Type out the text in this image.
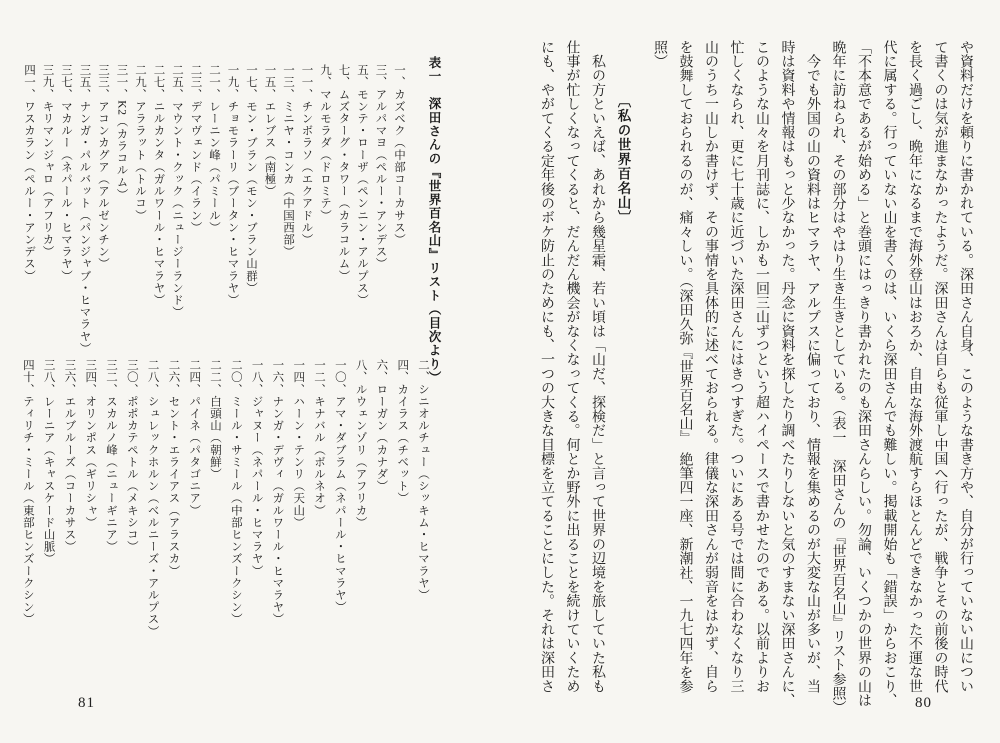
表一　深田さんの『世界百名山』リスト（目次より）
一、カズベク（中部コーカサス）
三、アルパマヨ（ペルー・アンデス）
五、モンテ・ローザ（ペンニン・アルプス）
七、ムズターグ・タワー（カラコルム）
九、マルモラダ（ドロミテ）
一一、チンボラソ（エクアドル）
一三、ミニヤ・コンカ（中国西部）
一五、エレブス（南極）
一七、モン・ブラン（モン・ブラン山群）
一九、チョモラーリ（ブータン・ヒマラヤ）
二一、レーニン峰（パミール）
二三、デマヴェンド（イラン）
二五、マウント・クック（ニュージーランド）
二七、ニルカンタ（ガルワール・ヒマラヤ）
二九、アララット（トルコ）
三一、K2（カラコルム）
三三、アコンカグア（アルゼンチン）
三五、ナンガ・パルバット（パンジャブ・ヒマラヤ）
三七、マカルー（ネパール・ヒマラヤ）
三九、キリマンジャロ（アフリカ）
四一、ワスカラン（ペルー・アンデス）
二、シニオルチュー（シッキム・ヒマラヤ）
四、カイラス（チベット）
六、ローガン（カナダ）
八、ルウェンゾリ（アフリカ）
一〇、アマ・ダブラム（ネパール・ヒマラヤ）
一二、キナバル（ボルネオ）
一四、ハーン・テンリ（天山）
一六、ナンガ・デヴィ（ガルワール・ヒマラヤ）
一八、ジャヌー（ネパール・ヒマラヤ）
二〇、ミール・サミール（中部ヒンズークシン）
二二、白頭山（朝鮮）
二四、パイネ（パタゴニア）
二六、セント・エライアス（アラスカ）
二八、シュレックホルン（ベルニーズ・アルプス）
三〇、ポポカテペトル（メキシコ）
三二、スカルノ峰（ニューギニア）
三四、オリンポス（ギリシャ）
三六、エルブルーズ（コーカサス）
三八、レーニア（キャスケード山脈）
四十、ティリチ・ミール（東部ヒンズークシン）
81
や資料だけを頼りに書かれている。深田さん自身、このような書き方や、自分が行っていない山につい
て書くのは気が進まなかったようだ。深田さんは自らも従軍し中国へ行ったが、戦争とその前後の時代
を長く過ごし、晩年になるまで海外登山はおろか、自由な海外渡航すらほとんどできなかった不運な世
代に属する。行っていない山を書くのは、いくら深田さんでも難しい。掲載開始も「錯誤」からおこり、
「不本意であるが始める」と巻頭にはっきり書かれたのも深田さんらしい。勿論、いくつかの世界の山は
晩年に訪ねられ、その部分はやはり生き生きとしている。（表一　深田さんの『世界百名山』リスト参照）
　今でも外国の山の資料はヒマラヤ、アルプスに偏っており、情報を集めるのが大変な山が多いが、当
時は資料や情報はもっと少なかった。丹念に資料を探したり調べたりしないと気のすまない深田さんに、
このような山々を月刊誌に、しかも一回三山ずつという超ハイペースで書かせたのである。以前よりお
忙しくなられ、更に七十歳に近づいた深田さんにはきつすぎた。ついにある号では間に合わなくなり三
山のうち一山しか書けず、その事情を具体的に述べておられる。律儀な深田さんが弱音をはかず、自ら
を鼓舞しておられるのが、痛々しい。（深田久弥『世界百名山』　絶筆四一座、新潮社、一九七四年を参
照）
〔私の世界百名山〕
　私の方といえば、あれから幾星霜、若い頃は「山だ、探検だ」と言って世界の辺境を旅していた私も
仕事が忙しくなってくると、だんだん機会がなくなってくる。何とか野外に出ることを続けていくため
にも、やがてくる定年後のボケ防止のためにも、一つの大きな目標を立てることにした。それは深田さ
80
